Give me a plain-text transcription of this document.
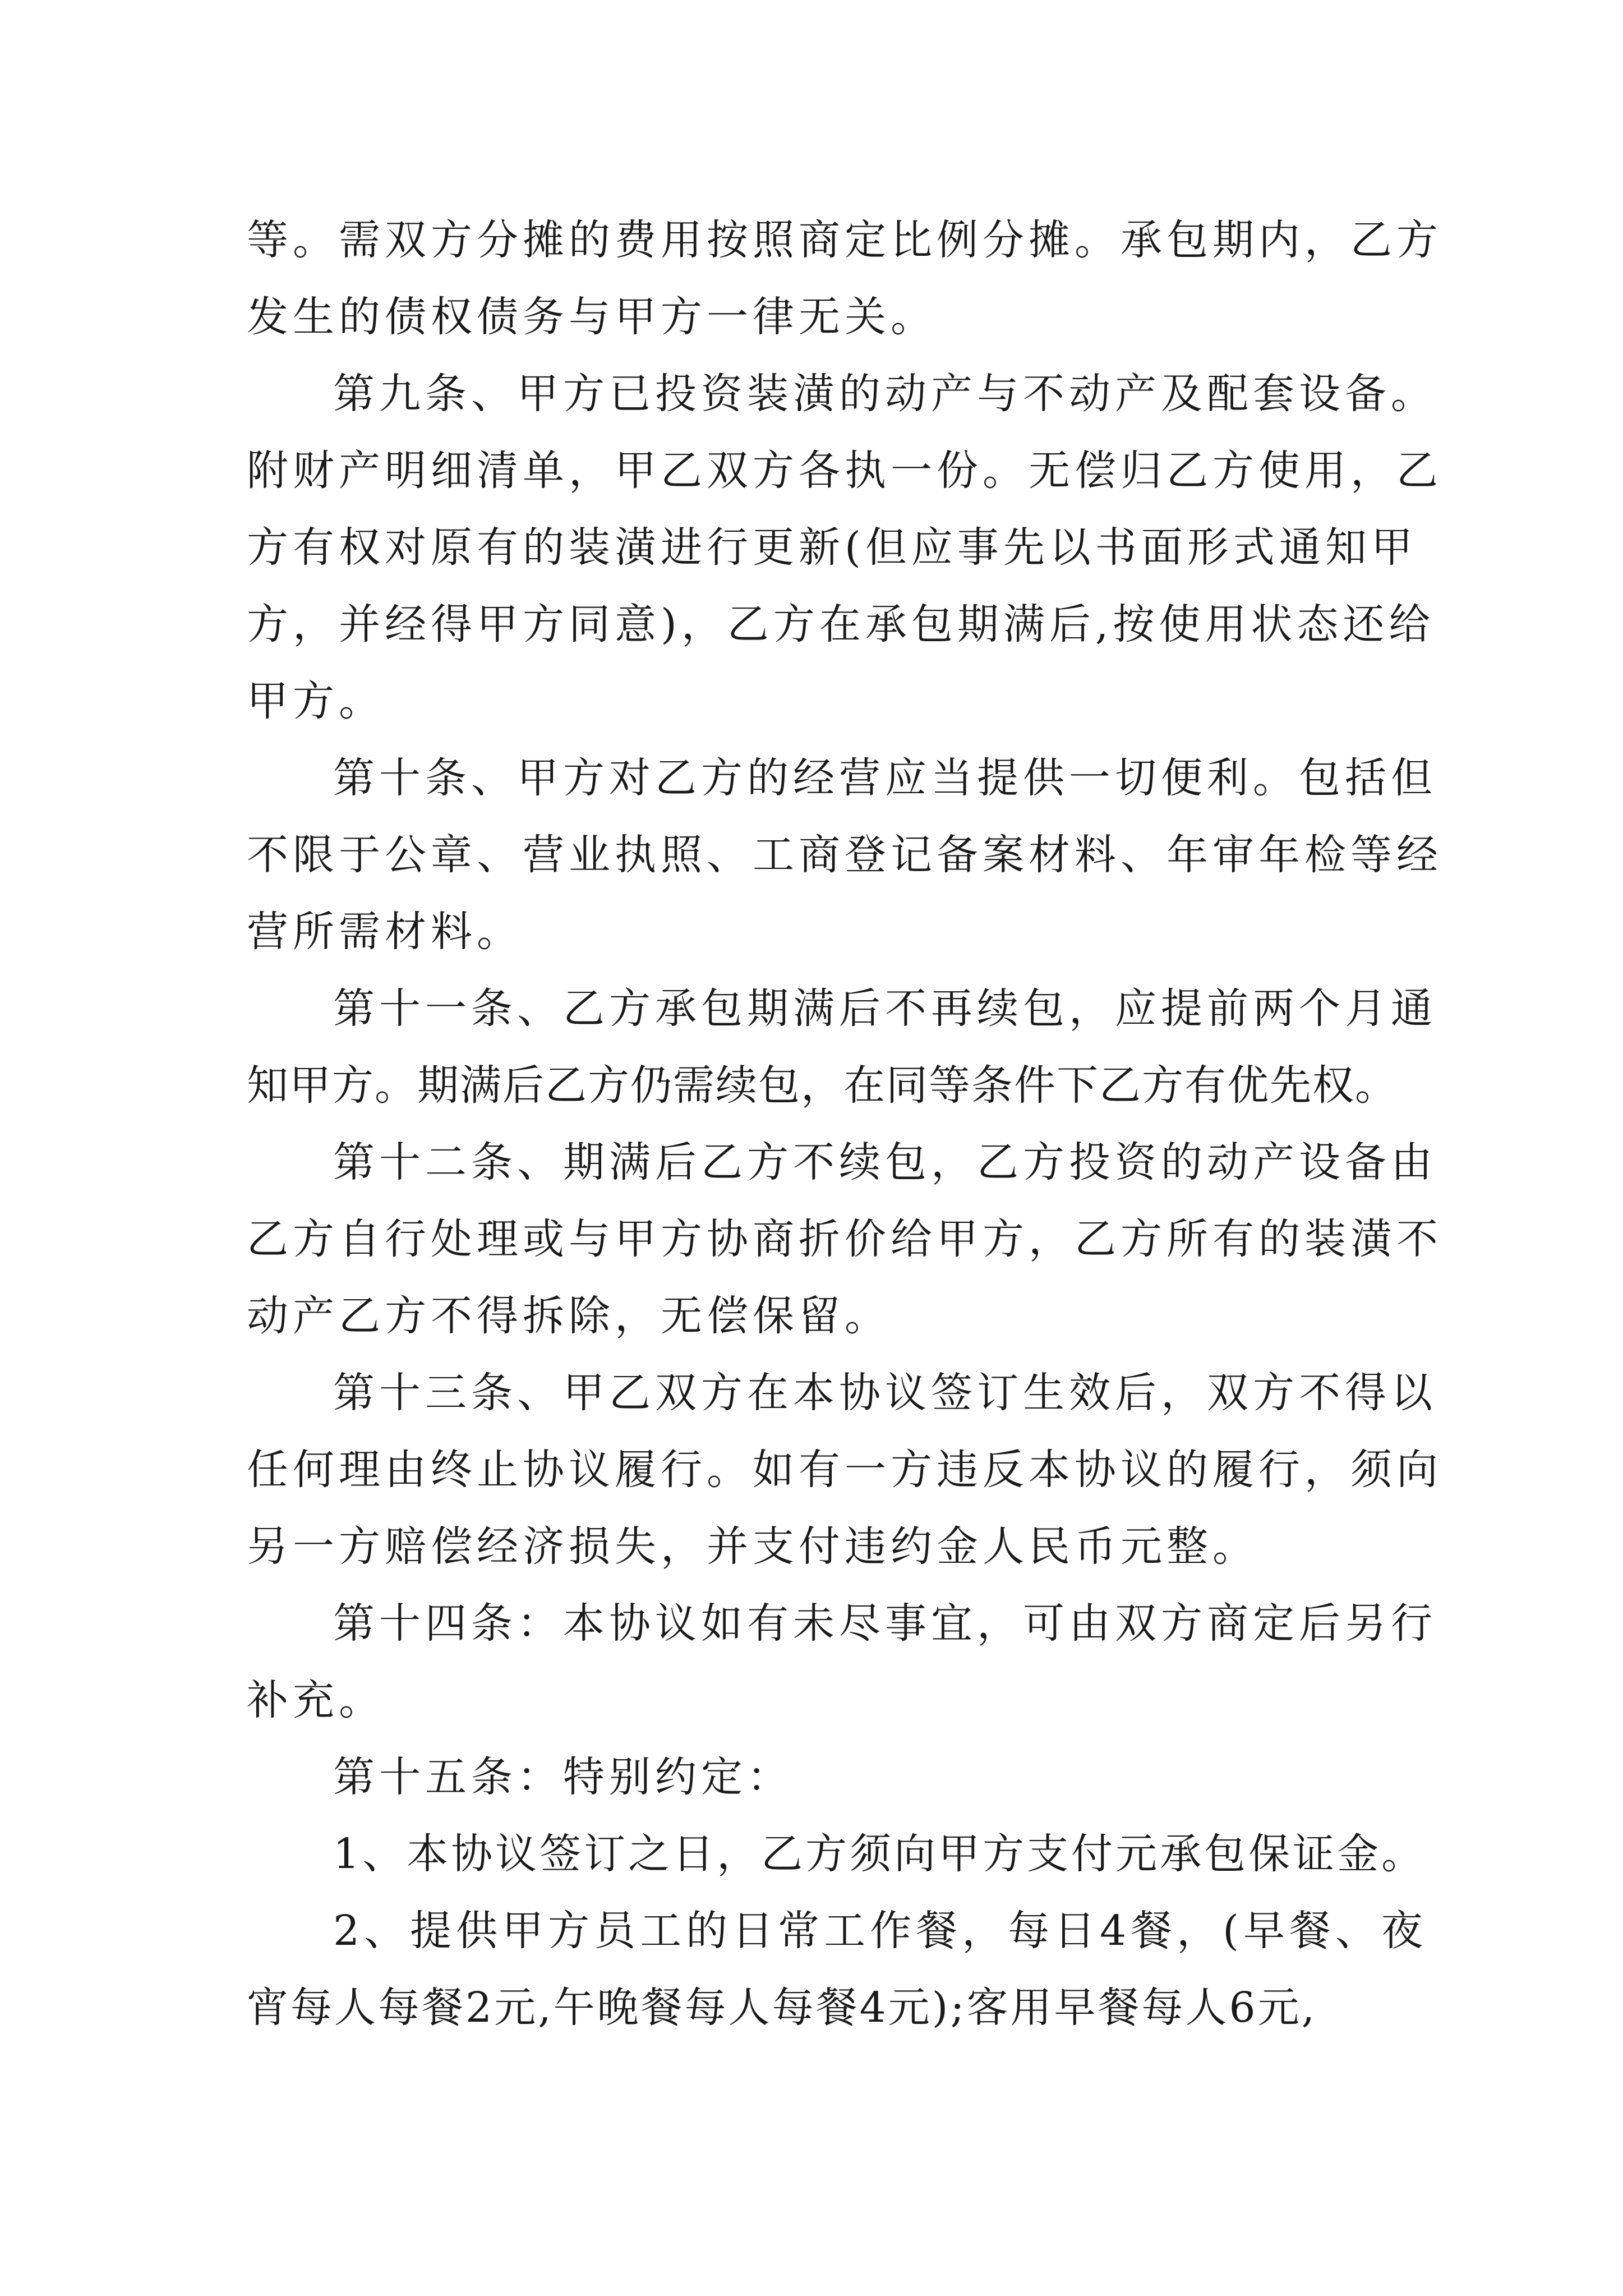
等。需双方分摊的费用按照商定比例分摊。承包期内，乙方
发生的债权债务与甲方一律无关。
第九条、甲方已投资装潢的动产与不动产及配套设备。
附财产明细清单，甲乙双方各执一份。无偿归乙方使用，乙
方有权对原有的装潢进行更新(但应事先以书面形式通知甲
方，并经得甲方同意)，乙方在承包期满后,按使用状态还给
甲方。
第十条、甲方对乙方的经营应当提供一切便利。包括但
不限于公章、营业执照、工商登记备案材料、年审年检等经
营所需材料。
第十一条、乙方承包期满后不再续包，应提前两个月通
知甲方。期满后乙方仍需续包，在同等条件下乙方有优先权。
第十二条、期满后乙方不续包，乙方投资的动产设备由
乙方自行处理或与甲方协商折价给甲方，乙方所有的装潢不
动产乙方不得拆除，无偿保留。
第十三条、甲乙双方在本协议签订生效后，双方不得以
任何理由终止协议履行。如有一方违反本协议的履行，须向
另一方赔偿经济损失，并支付违约金人民币元整。
第十四条：本协议如有未尽事宜，可由双方商定后另行
补充。
第十五条：特别约定：
1、本协议签订之日，乙方须向甲方支付元承包保证金。
2、提供甲方员工的日常工作餐，每日4餐，(早餐、夜
宵每人每餐2元,午晚餐每人每餐4元);客用早餐每人6元,
